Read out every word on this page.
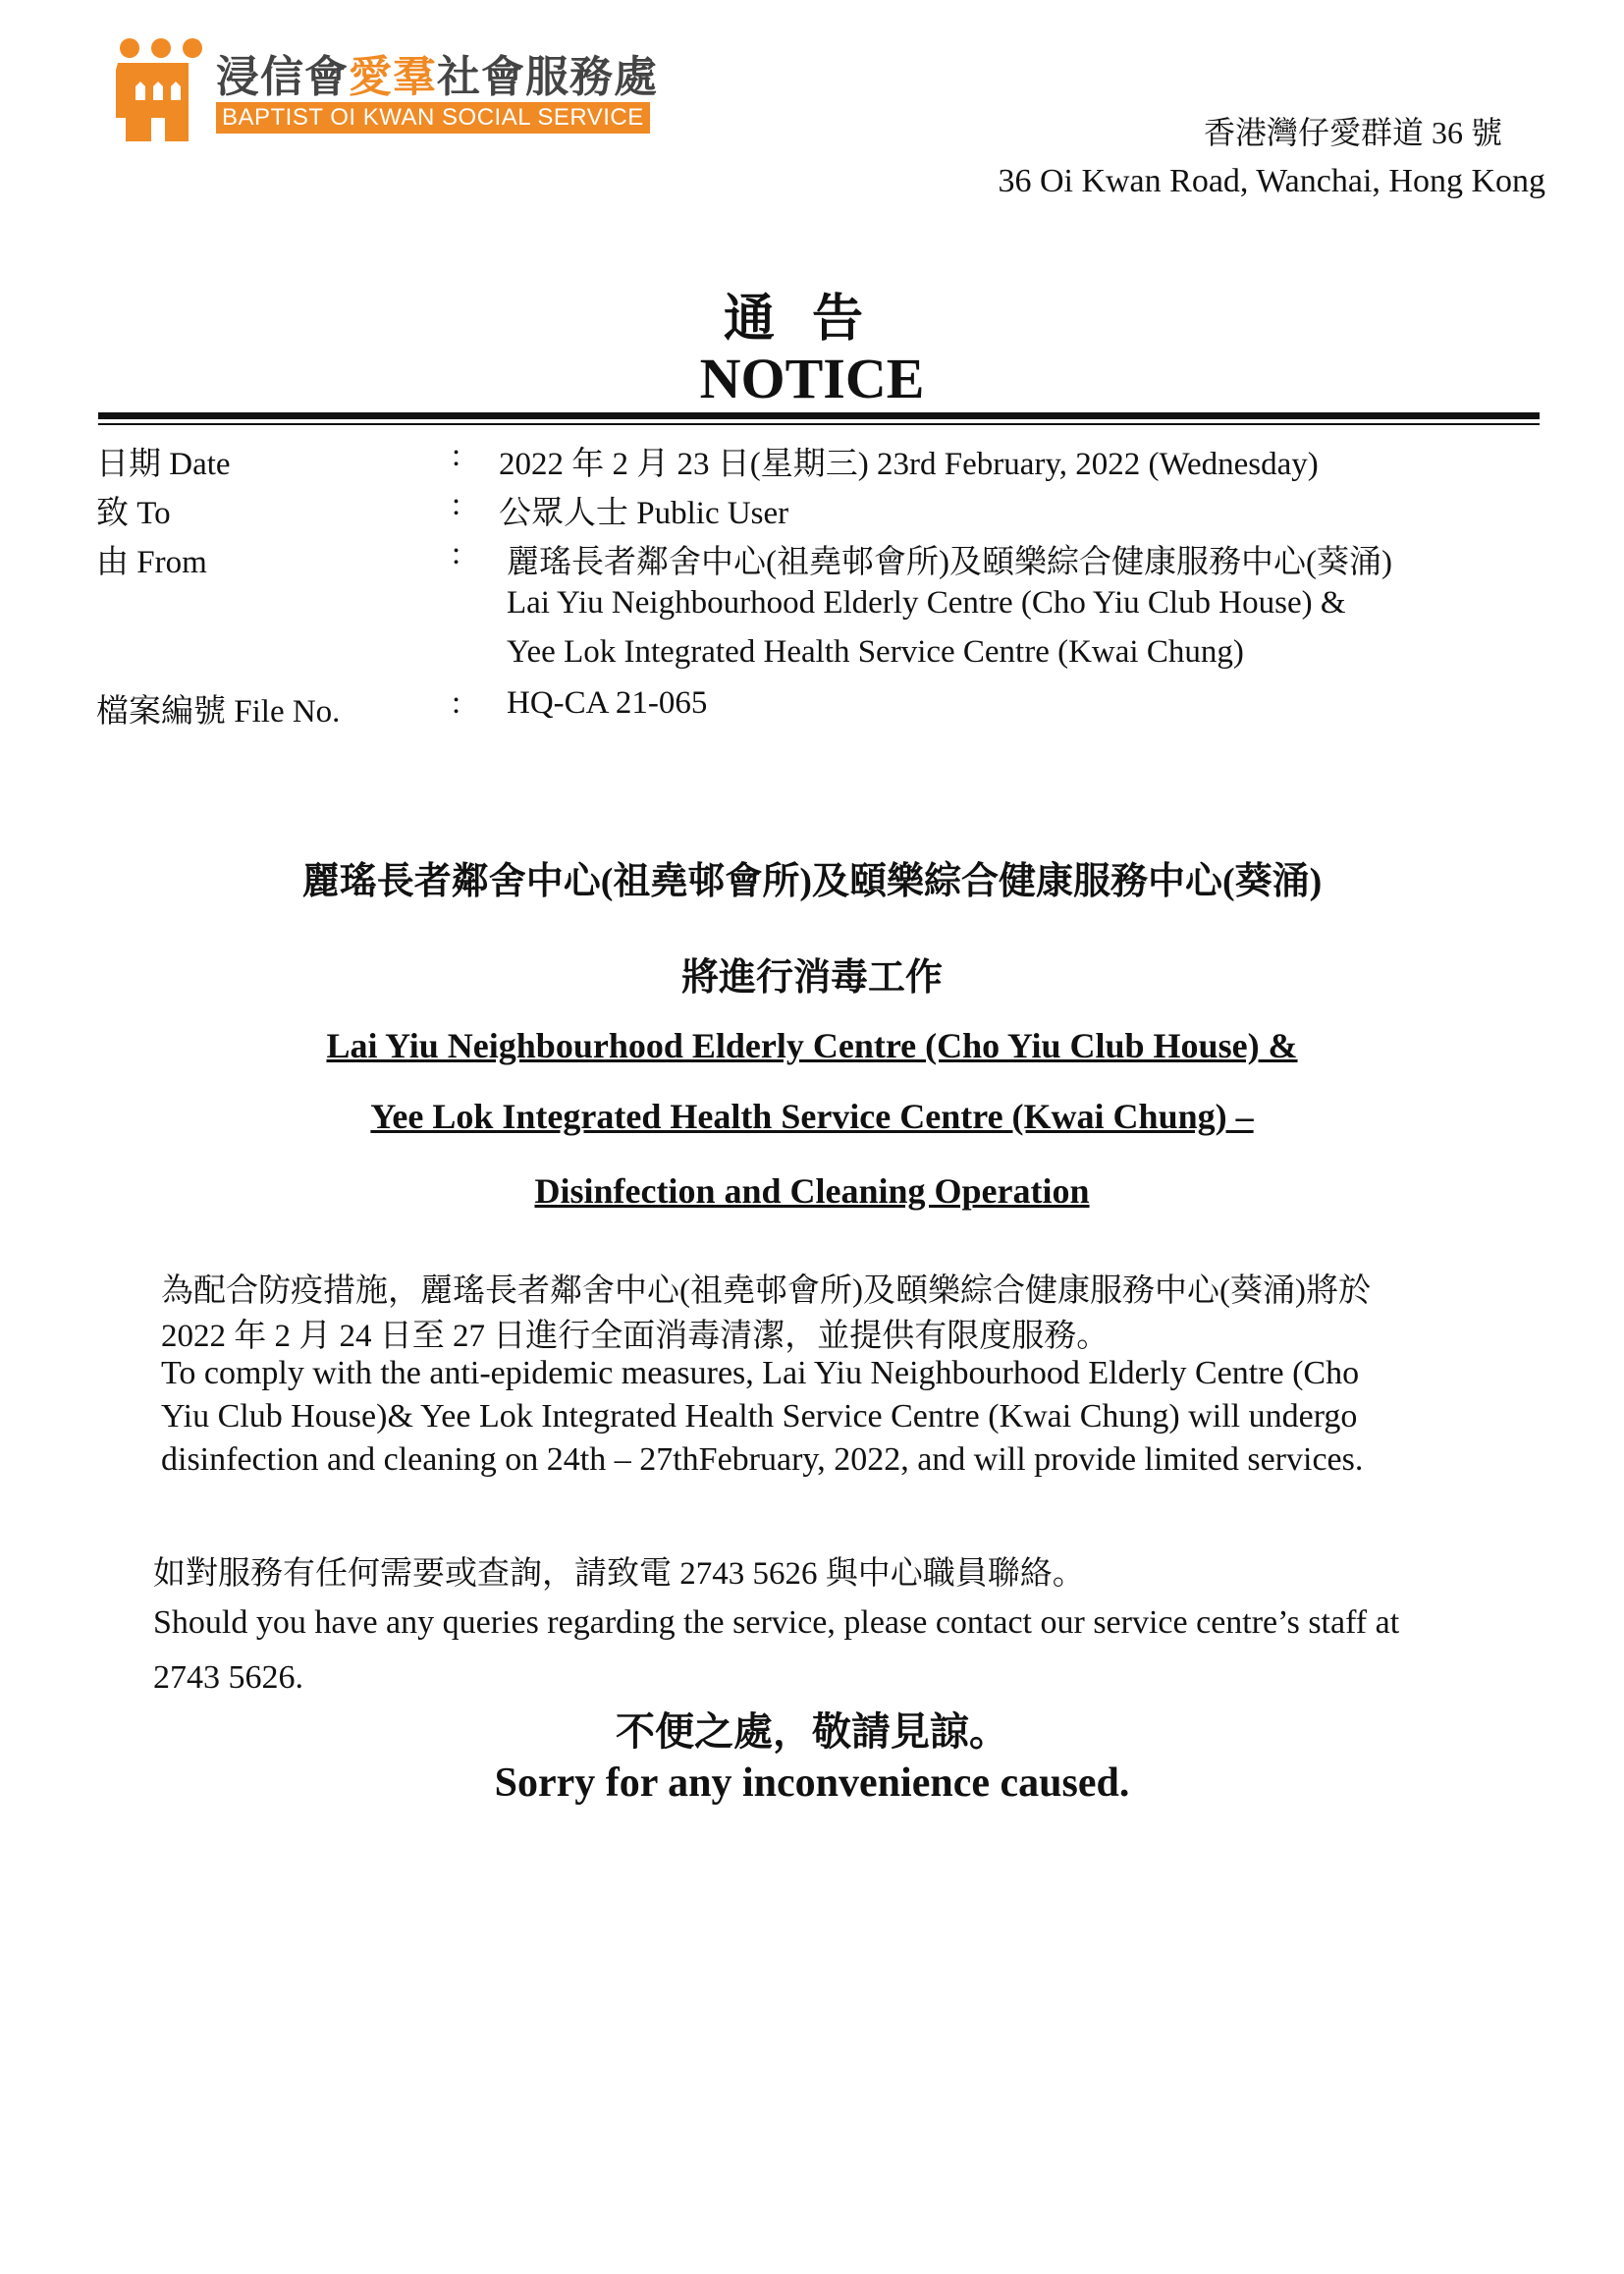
浸信會愛羣社會服務處
BAPTIST OI KWAN SOCIAL SERVICE	香港灣仔愛群道 36 號
36 Oi Kwan Road, Wanchai, Hong Kong
通告
NOTICE
日期 Date	: 2022 年 2 月 23 日(星期三) 23rd February, 2022 (Wednesday)
致 To	: 公眾人士 Public User
由 From	: 麗瑤長者鄰舍中心(祖堯邨會所)及頤樂綜合健康服務中心(葵涌)
Lai Yiu Neighbourhood Elderly Centre (Cho Yiu Club House) &
Yee Lok Integrated Health Service Centre (Kwai Chung)
檔案編號 File No.	: HQ-CA 21-065
麗瑤長者鄰舍中心(祖堯邨會所)及頤樂綜合健康服務中心(葵涌)
將進行消毒工作
Lai Yiu Neighbourhood Elderly Centre (Cho Yiu Club House) &
Yee Lok Integrated Health Service Centre (Kwai Chung) –
Disinfection and Cleaning Operation
為配合防疫措施，麗瑤長者鄰舍中心(祖堯邨會所)及頤樂綜合健康服務中心(葵涌)將於
2022 年 2 月 24 日至 27 日進行全面消毒清潔，並提供有限度服務。
To comply with the anti-epidemic measures, Lai Yiu Neighbourhood Elderly Centre (Cho
Yiu Club House)& Yee Lok Integrated Health Service Centre (Kwai Chung) will undergo
disinfection and cleaning on 24th – 27thFebruary, 2022, and will provide limited services.
如對服務有任何需要或查詢，請致電 2743 5626 與中心職員聯絡。
Should you have any queries regarding the service, please contact our service centre’s staff at
2743 5626.
不便之處，敬請見諒。
Sorry for any inconvenience caused.
